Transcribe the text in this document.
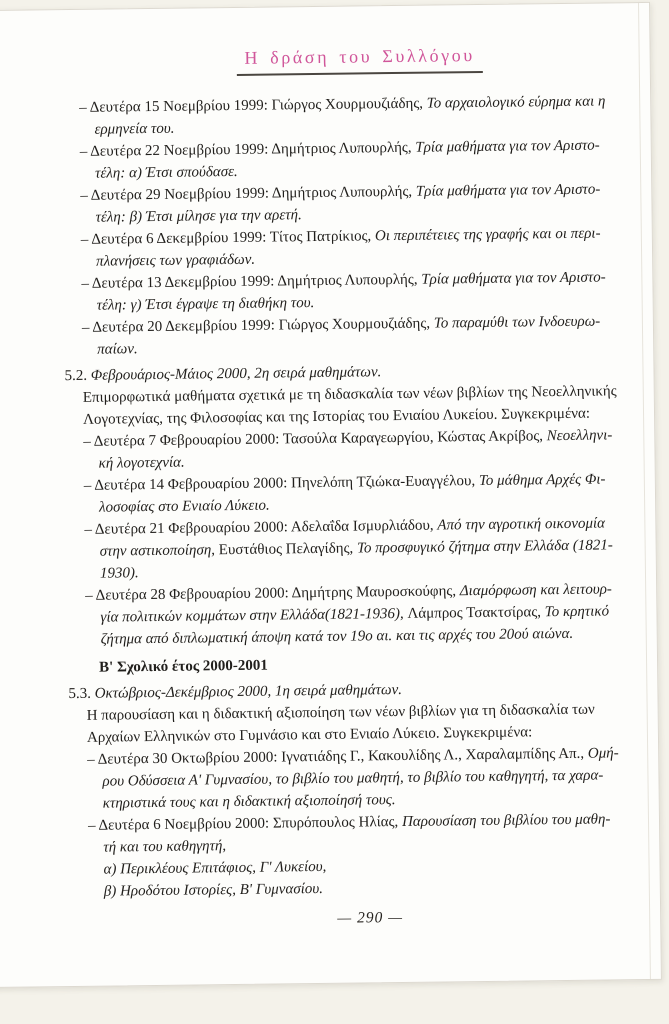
Η δράση του Συλλόγου
– Δευτέρα 15 Νοεμβρίου 1999: Γιώργος Χουρμουζιάδης, Το αρχαιολογικό εύρημα και η
ερμηνεία του.
– Δευτέρα 22 Νοεμβρίου 1999: Δημήτριος Λυπουρλής, Τρία μαθήματα για τον Αριστο-
τέλη: α) Έτσι σπούδασε.
– Δευτέρα 29 Νοεμβρίου 1999: Δημήτριος Λυπουρλής, Τρία μαθήματα για τον Αριστο-
τέλη: β) Έτσι μίλησε για την αρετή.
– Δευτέρα 6 Δεκεμβρίου 1999: Τίτος Πατρίκιος, Οι περιπέτειες της γραφής και οι περι-
πλανήσεις των γραφιάδων.
– Δευτέρα 13 Δεκεμβρίου 1999: Δημήτριος Λυπουρλής, Τρία μαθήματα για τον Αριστο-
τέλη: γ) Έτσι έγραψε τη διαθήκη του.
– Δευτέρα 20 Δεκεμβρίου 1999: Γιώργος Χουρμουζιάδης, Το παραμύθι των Ινδοευρω-
παίων.
5.2. Φεβρουάριος-Μάιος 2000, 2η σειρά μαθημάτων.
Επιμορφωτικά μαθήματα σχετικά με τη διδασκαλία των νέων βιβλίων της Νεοελληνικής
Λογοτεχνίας, της Φιλοσοφίας και της Ιστορίας του Ενιαίου Λυκείου. Συγκεκριμένα:
– Δευτέρα 7 Φεβρουαρίου 2000: Τασούλα Καραγεωργίου, Κώστας Ακρίβος, Νεοελληνι-
κή λογοτεχνία.
– Δευτέρα 14 Φεβρουαρίου 2000: Πηνελόπη Τζιώκα-Ευαγγέλου, Το μάθημα Αρχές Φι-
λοσοφίας στο Ενιαίο Λύκειο.
– Δευτέρα 21 Φεβρουαρίου 2000: Αδελαΐδα Ισμυρλιάδου, Από την αγροτική οικονομία
στην αστικοποίηση, Ευστάθιος Πελαγίδης, Το προσφυγικό ζήτημα στην Ελλάδα (1821-
1930).
– Δευτέρα 28 Φεβρουαρίου 2000: Δημήτρης Μαυροσκούφης, Διαμόρφωση και λειτουρ-
γία πολιτικών κομμάτων στην Ελλάδα(1821-1936), Λάμπρος Τσακτσίρας, Το κρητικό
ζήτημα από διπλωματική άποψη κατά τον 19ο αι. και τις αρχές του 20ού αιώνα.
Β' Σχολικό έτος 2000-2001
5.3. Οκτώβριος-Δεκέμβριος 2000, 1η σειρά μαθημάτων.
Η παρουσίαση και η διδακτική αξιοποίηση των νέων βιβλίων για τη διδασκαλία των
Αρχαίων Ελληνικών στο Γυμνάσιο και στο Ενιαίο Λύκειο. Συγκεκριμένα:
– Δευτέρα 30 Οκτωβρίου 2000: Ιγνατιάδης Γ., Κακουλίδης Λ., Χαραλαμπίδης Απ., Ομή-
ρου Οδύσσεια Α' Γυμνασίου, το βιβλίο του μαθητή, το βιβλίο του καθηγητή, τα χαρα-
κτηριστικά τους και η διδακτική αξιοποίησή τους.
– Δευτέρα 6 Νοεμβρίου 2000: Σπυρόπουλος Ηλίας, Παρουσίαση του βιβλίου του μαθη-
τή και του καθηγητή,
α) Περικλέους Επιτάφιος, Γ' Λυκείου,
β) Ηροδότου Ιστορίες, Β' Γυμνασίου.
— 290 —
